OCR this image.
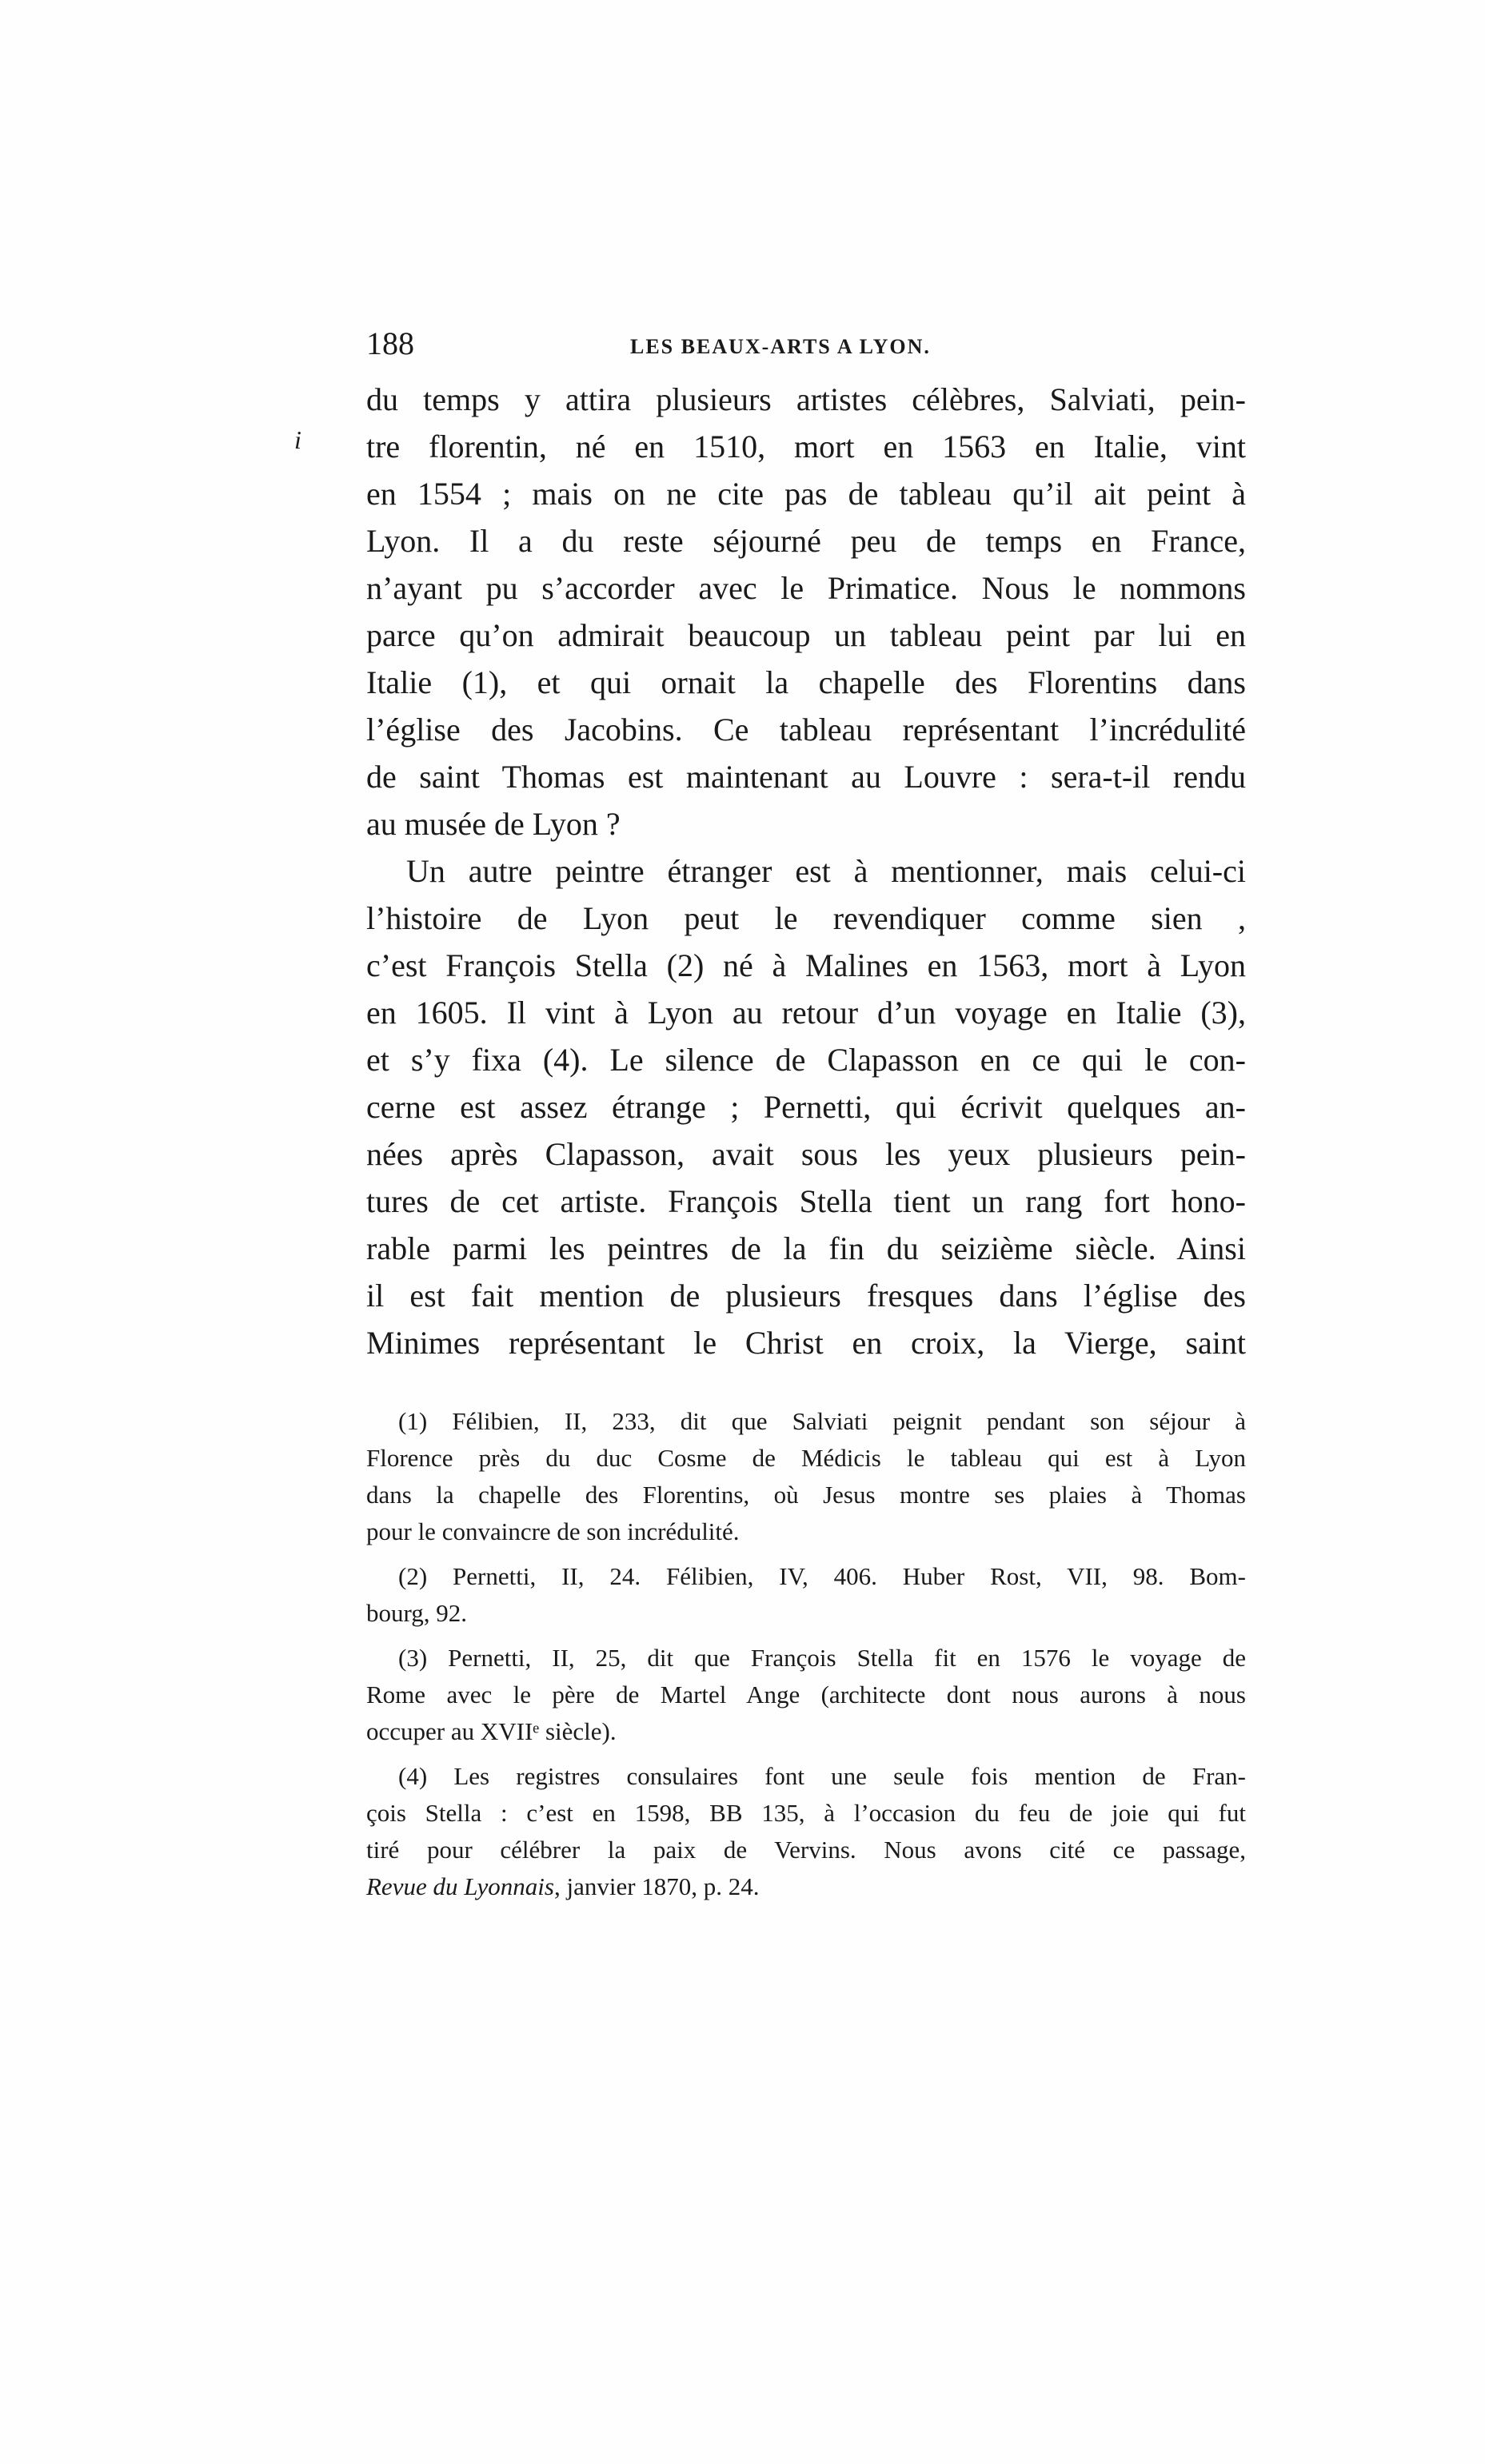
188	LES BEAUX-ARTS A LYON.
i
du temps y attira plusieurs artistes célèbres, Salviati, pein-
tre florentin, né en 1510, mort en 1563 en Italie, vint
en 1554 ; mais on ne cite pas de tableau qu’il ait peint à
Lyon. Il a du reste séjourné peu de temps en France,
n’ayant pu s’accorder avec le Primatice. Nous le nommons
parce qu’on admirait beaucoup un tableau peint par lui en
Italie (1), et qui ornait la chapelle des Florentins dans
l’église des Jacobins. Ce tableau représentant l’incrédulité
de saint Thomas est maintenant au Louvre : sera-t-il rendu
au musée de Lyon ?
Un autre peintre étranger est à mentionner, mais celui-ci
l’histoire de Lyon peut le revendiquer comme sien ,
c’est François Stella (2) né à Malines en 1563, mort à Lyon
en 1605. Il vint à Lyon au retour d’un voyage en Italie (3),
et s’y fixa (4). Le silence de Clapasson en ce qui le con-
cerne est assez étrange ; Pernetti, qui écrivit quelques an-
nées après Clapasson, avait sous les yeux plusieurs pein-
tures de cet artiste. François Stella tient un rang fort hono-
rable parmi les peintres de la fin du seizième siècle. Ainsi
il est fait mention de plusieurs fresques dans l’église des
Minimes représentant le Christ en croix, la Vierge, saint
(1) Félibien, II, 233, dit que Salviati peignit pendant son séjour à
Florence près du duc Cosme de Médicis le tableau qui est à Lyon
dans la chapelle des Florentins, où Jesus montre ses plaies à Thomas
pour le convaincre de son incrédulité.
(2) Pernetti, II, 24. Félibien, IV, 406. Huber Rost, VII, 98. Bom-
bourg, 92.
(3) Pernetti, II, 25, dit que François Stella fit en 1576 le voyage de
Rome avec le père de Martel Ange (architecte dont nous aurons à nous
occuper au XVIIᵉ siècle).
(4) Les registres consulaires font une seule fois mention de Fran-
çois Stella : c’est en 1598, BB 135, à l’occasion du feu de joie qui fut
tiré pour célébrer la paix de Vervins. Nous avons cité ce passage,
Revue du Lyonnais, janvier 1870, p. 24.
